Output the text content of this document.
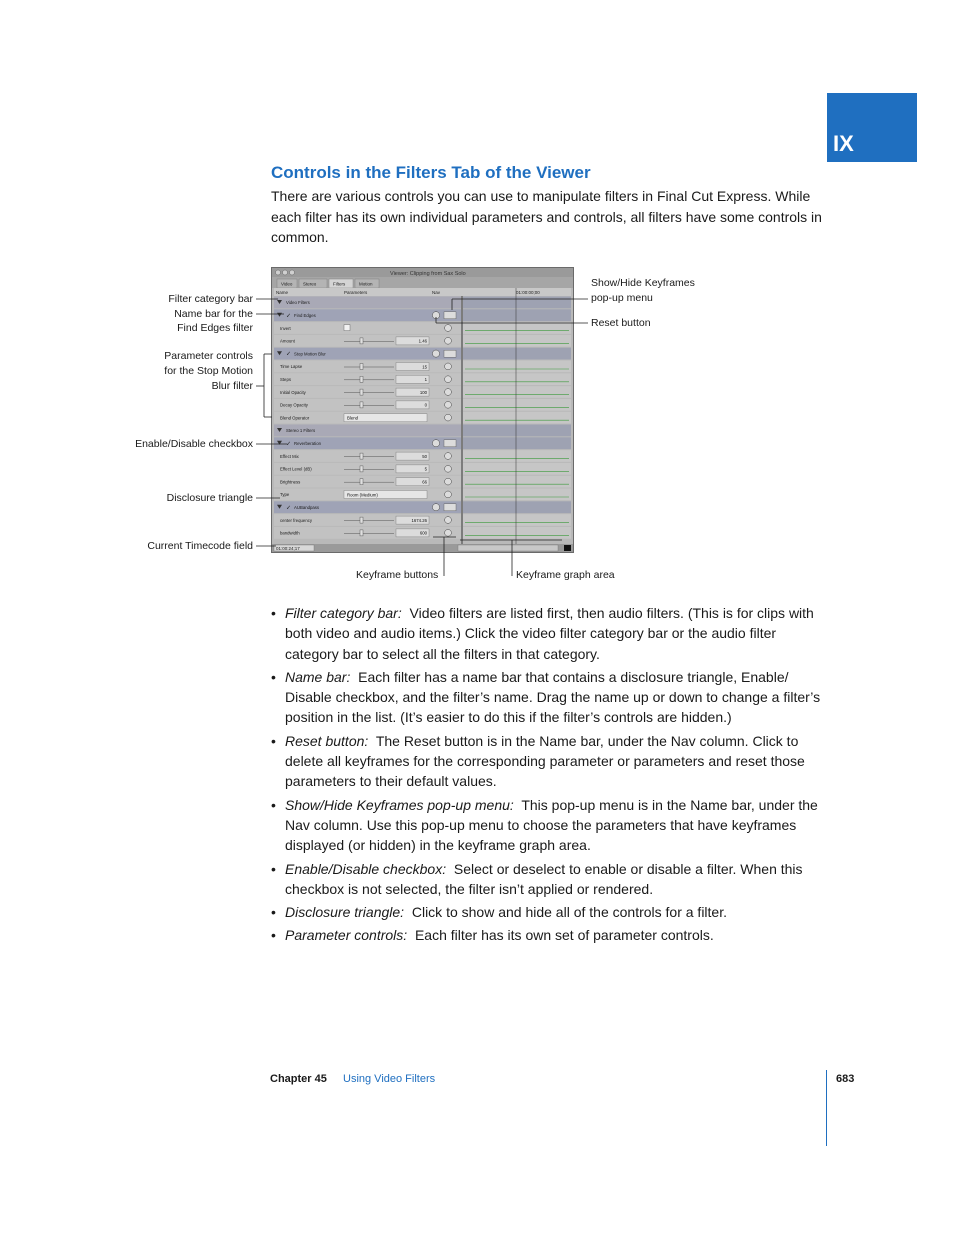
IX
Controls in the Filters Tab of the Viewer

There are various controls you can use to manipulate filters in Final Cut Express. While each filter has its own individual parameters and controls, all filters have some controls in common.

Viewer: Clipping from Sax Solo
Video Stereo	Filters	Motion
Name	Parameters	Nav	01:00:00;00
Video Filters
✓ Find Edges
Invert
Amount	1.46
✓ Stop Motion Blur
Time Lapse	15
Steps	1
Initial Opacity	100
Decay Opacity	0
Blend Operator	Blend
Stereo 1 Filters
✓ Reverberation
Effect Mix	50
Effect Level (dB)	5
Brightness	66
Type	Room (Medium)
✓ AUBandpass
center frequency	1674.26
bandwidth	600
01:00:24;17
Filter category bar
Name bar for the
Find Edges filter
Parameter controls
for the Stop Motion
Blur filter
Enable/Disable checkbox
Disclosure triangle
Current Timecode field
Show/Hide Keyframes
pop-up menu
Reset button
Keyframe buttons	Keyframe graph area
• Filter category bar: Video filters are listed first, then audio filters. (This is for clips with both video and audio items.) Click the video filter category bar or the audio filter category bar to select all the filters in that category.
• Name bar: Each filter has a name bar that contains a disclosure triangle, Enable/ Disable checkbox, and the filter’s name. Drag the name up or down to change a filter’s position in the list. (It’s easier to do this if the filter’s controls are hidden.)
• Reset button: The Reset button is in the Name bar, under the Nav column. Click to delete all keyframes for the corresponding parameter or parameters and reset those parameters to their default values.
• Show/Hide Keyframes pop-up menu: This pop-up menu is in the Name bar, under the Nav column. Use this pop-up menu to choose the parameters that have keyframes displayed (or hidden) in the keyframe graph area.
• Enable/Disable checkbox: Select or deselect to enable or disable a filter. When this checkbox is not selected, the filter isn’t applied or rendered.
• Disclosure triangle: Click to show and hide all of the controls for a filter.
• Parameter controls: Each filter has its own set of parameter controls.
Chapter 45 Using Video Filters	683
